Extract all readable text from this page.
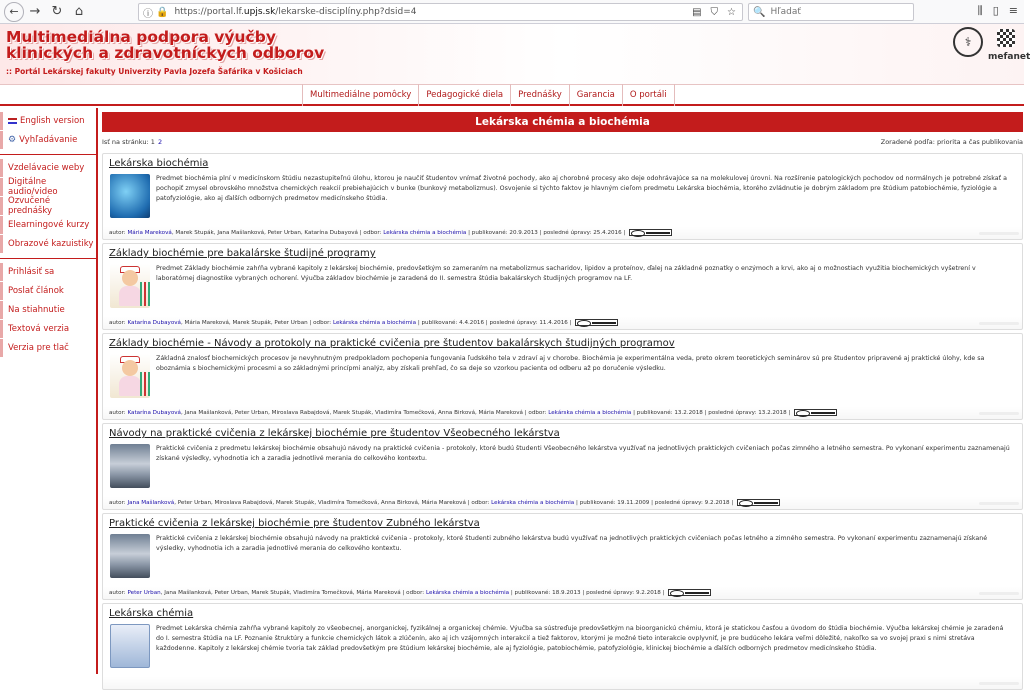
← → ↻ ⌂	ⓘ 🔒 https://portal.lf.upjs.sk/lekarske-disciplíny.php?dsid=4	▤ ⛉ ☆ 🔍
Hľadať	⫼ ▯ ≡
Multimediálna podpora výučby
klinických a zdravotníckych odborov
:: Portál Lekárskej fakulty Univerzity Pavla Jozefa Šafárika v Košiciach
⚕
mefanet
Multimediálne pomôcky	Pedagogické diela	Prednášky	Garancia	O portáli
English version
⚙ Vyhľadávanie
Vzdelávacie weby
Digitálne audio/video
Ozvučené prednášky
Elearningové kurzy
Obrazové kazuistiky
Prihlásiť sa
Poslať článok
Na stiahnutie
Textová verzia
Verzia pre tlač
Lekárska chémia a biochémia
Isť na stránku: 1 2	Zoradené podľa: priorita a čas publikovania
Lekárska biochémia
Predmet biochémia plní v medicínskom štúdiu nezastupiteľnú úlohu, ktorou je naučiť študentov vnímať životné pochody, ako aj chorobné procesy ako deje odohrávajúce sa na molekulovej úrovni. Na rozšírenie patologických pochodov od normálnych je potrebné získať a pochopiť zmysel obrovského množstva chemických reakcií prebiehajúcich v bunke (bunkový metabolizmus). Osvojenie si týchto faktov je hlavným cieľom predmetu Lekárska biochémia, ktorého zvládnutie je dobrým základom pre štúdium patobiochémie, fyziológie a patofyziológie, ako aj ďalších odborných predmetov medicínskeho štúdia.
autor: Mária Mareková, Marek Stupák, Jana Mašlanková, Peter Urban, Katarína Dubayová | odbor: Lekárska chémia a biochémia | publikované: 20.9.2013 | posledné úpravy: 25.4.2016 |
Základy biochémie pre bakalárske študijné programy
Predmet Základy biochémie zahŕňa vybrané kapitoly z lekárskej biochémie, predovšetkým so zameraním na metabolizmus sacharidov, lipidov a proteínov, ďalej na základné poznatky o enzýmoch a krvi, ako aj o možnostiach využitia biochemických vyšetrení v laboratórnej diagnostike vybraných ochorení. Výučba základov biochémie je zaradená do II. semestra štúdia bakalárskych študijných programov na LF.
autor: Katarína Dubayová, Mária Mareková, Marek Stupák, Peter Urban | odbor: Lekárska chémia a biochémia | publikované: 4.4.2016 | posledné úpravy: 11.4.2016 |
Základy biochémie - Návody a protokoly na praktické cvičenia pre študentov bakalárskych študijných programov
Základná znalosť biochemických procesov je nevyhnutným predpokladom pochopenia fungovania ľudského tela v zdraví aj v chorobe. Biochémia je experimentálna veda, preto okrem teoretických seminárov sú pre študentov pripravené aj praktické úlohy, kde sa oboznámia s biochemickými procesmi a so základnými princípmi analýz, aby získali prehľad, čo sa deje so vzorkou pacienta od odberu až po doručenie výsledku.
autor: Katarína Dubayová, Jana Mašlanková, Peter Urban, Miroslava Rabajdová, Marek Stupák, Vladimíra Tomečková, Anna Birková, Mária Mareková | odbor: Lekárska chémia a biochémia | publikované: 13.2.2018 | posledné úpravy: 13.2.2018 |
Návody na praktické cvičenia z lekárskej biochémie pre študentov Všeobecného lekárstva
Praktické cvičenia z predmetu lekárskej biochémie obsahujú návody na praktické cvičenia - protokoly, ktoré budú študenti Všeobecného lekárstva využívať na jednotlivých praktických cvičeniach počas zimného a letného semestra. Po vykonaní experimentu zaznamenajú získané výsledky, vyhodnotia ich a zaradia jednotlivé merania do celkového kontextu.
autor: Jana Mašlanková, Peter Urban, Miroslava Rabajdová, Marek Stupák, Vladimíra Tomečková, Anna Birková, Mária Mareková | odbor: Lekárska chémia a biochémia | publikované: 19.11.2009 | posledné úpravy: 9.2.2018 |
Praktické cvičenia z lekárskej biochémie pre študentov Zubného lekárstva
Praktické cvičenia z lekárskej biochémie obsahujú návody na praktické cvičenia - protokoly, ktoré študenti zubného lekárstva budú využívať na jednotlivých praktických cvičeniach počas letného a zimného semestra. Po vykonaní experimentu zaznamenajú získané výsledky, vyhodnotia ich a zaradia jednotlivé merania do celkového kontextu.
autor: Peter Urban, Jana Mašlanková, Peter Urban, Marek Stupák, Vladimíra Tomečková, Mária Mareková | odbor: Lekárska chémia a biochémia | publikované: 18.9.2013 | posledné úpravy: 9.2.2018 |
Lekárska chémia
Predmet Lekárska chémia zahŕňa vybrané kapitoly zo všeobecnej, anorganickej, fyzikálnej a organickej chémie. Výučba sa sústreďuje predovšetkým na bioorganickú chémiu, ktorá je statickou časťou a úvodom do štúdia biochémie. Výučba lekárskej chémie je zaradená do I. semestra štúdia na LF. Poznanie štruktúry a funkcie chemických látok a zlúčenín, ako aj ich vzájomných interakcií a tiež faktorov, ktorými je možné tieto interakcie ovplyvniť, je pre budúceho lekára veľmi dôležité, nakoľko sa vo svojej praxi s nimi stretáva každodenne. Kapitoly z lekárskej chémie tvoria tak základ predovšetkým pre štúdium lekárskej biochémie, ale aj fyziológie, patobiochémie, patofyziológie, klinickej biochémie a ďalších odborných predmetov medicínskeho štúdia.
